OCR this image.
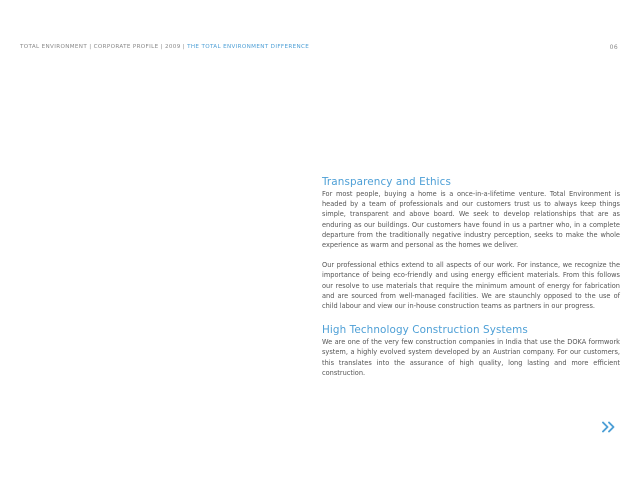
TOTAL ENVIRONMENT | CORPORATE PROFILE | 2009 | THE TOTAL ENVIRONMENT DIFFERENCE	06
Transparency and Ethics

For most people, buying a home is a once-in-a-lifetime venture. Total Environment is headed by a team of professionals and our customers trust us to always keep things simple, transparent and above board. We seek to develop relationships that are as enduring as our buildings. Our customers have found in us a partner who, in a complete departure from the traditionally negative industry perception, seeks to make the whole experience as warm and personal as the homes we deliver.

Our professional ethics extend to all aspects of our work. For instance, we recognize the importance of being eco-friendly and using energy efficient materials. From this follows our resolve to use materials that require the minimum amount of energy for fabrication and are sourced from well-managed facilities. We are staunchly opposed to the use of child labour and view our in-house construction teams as partners in our progress.

High Technology Construction Systems

We are one of the very few construction companies in India that use the DOKA formwork system, a highly evolved system developed by an Austrian company. For our customers, this translates into the assurance of high quality, long lasting and more efficient construction.
